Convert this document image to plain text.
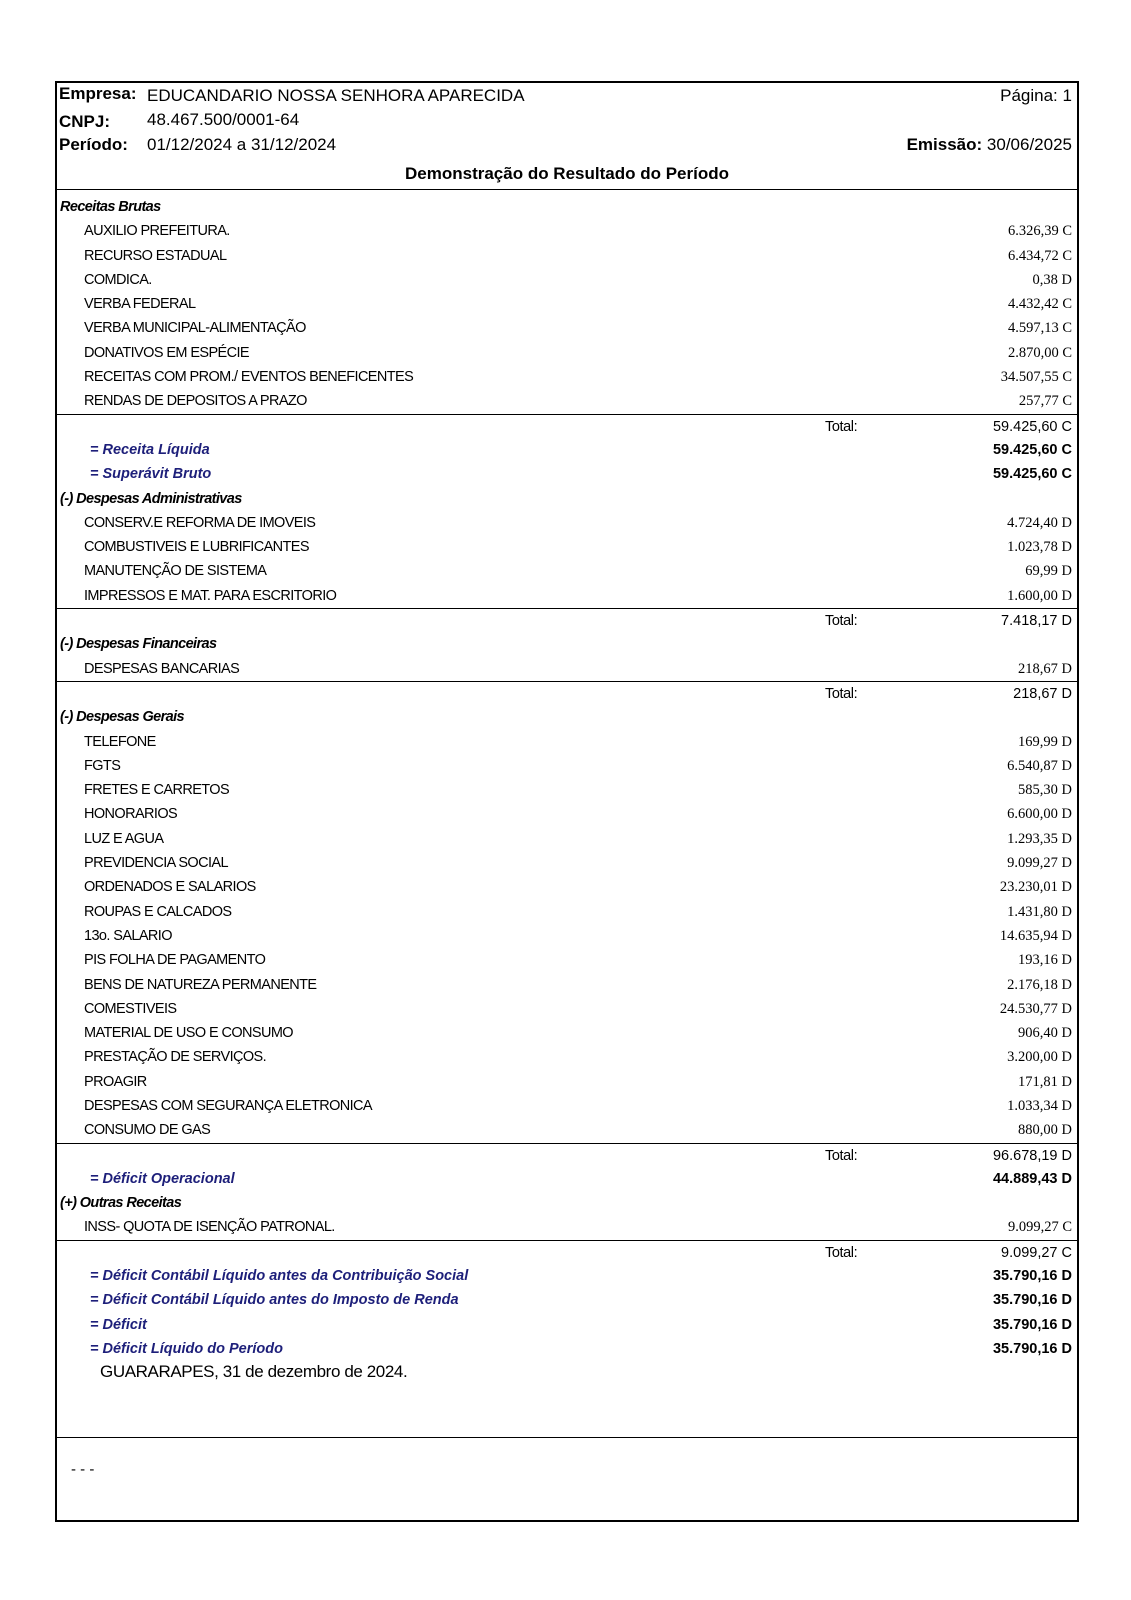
Empresa: EDUCANDARIO NOSSA SENHORA APARECIDA	Página: 1
CNPJ: 48.467.500/0001-64
Período: 01/12/2024 a 31/12/2024	Emissão: 30/06/2025
Demonstração do Resultado do Período
Receitas Brutas
AUXILIO PREFEITURA.	6.326,39 C
RECURSO ESTADUAL	6.434,72 C
COMDICA.	0,38 D
VERBA FEDERAL	4.432,42 C
VERBA MUNICIPAL-ALIMENTAÇÃO	4.597,13 C
DONATIVOS EM ESPÉCIE	2.870,00 C
RECEITAS COM PROM./ EVENTOS BENEFICENTES	34.507,55 C
RENDAS DE DEPOSITOS A PRAZO	257,77 C
Total:	59.425,60 C
= Receita Líquida	59.425,60 C
= Superávit Bruto	59.425,60 C
(-) Despesas Administrativas
CONSERV.E REFORMA DE IMOVEIS	4.724,40 D
COMBUSTIVEIS E LUBRIFICANTES	1.023,78 D
MANUTENÇÃO DE SISTEMA	69,99 D
IMPRESSOS E MAT. PARA ESCRITORIO	1.600,00 D
Total:	7.418,17 D
(-) Despesas Financeiras
DESPESAS BANCARIAS	218,67 D
Total:	218,67 D
(-) Despesas Gerais
TELEFONE	169,99 D
FGTS	6.540,87 D
FRETES E CARRETOS	585,30 D
HONORARIOS	6.600,00 D
LUZ E AGUA	1.293,35 D
PREVIDENCIA SOCIAL	9.099,27 D
ORDENADOS E SALARIOS	23.230,01 D
ROUPAS E CALCADOS	1.431,80 D
13o. SALARIO	14.635,94 D
PIS FOLHA DE PAGAMENTO	193,16 D
BENS DE NATUREZA PERMANENTE	2.176,18 D
COMESTIVEIS	24.530,77 D
MATERIAL DE USO E CONSUMO	906,40 D
PRESTAÇÃO DE SERVIÇOS.	3.200,00 D
PROAGIR	171,81 D
DESPESAS COM SEGURANÇA ELETRONICA	1.033,34 D
CONSUMO DE GAS	880,00 D
Total:	96.678,19 D
= Déficit Operacional	44.889,43 D
(+) Outras Receitas
INSS- QUOTA DE ISENÇÃO PATRONAL.	9.099,27 C
Total:	9.099,27 C
= Déficit Contábil Líquido antes da Contribuição Social	35.790,16 D
= Déficit Contábil Líquido antes do Imposto de Renda	35.790,16 D
= Déficit	35.790,16 D
= Déficit Líquido do Período	35.790,16 D
GUARARAPES, 31 de dezembro de 2024.
- - -
